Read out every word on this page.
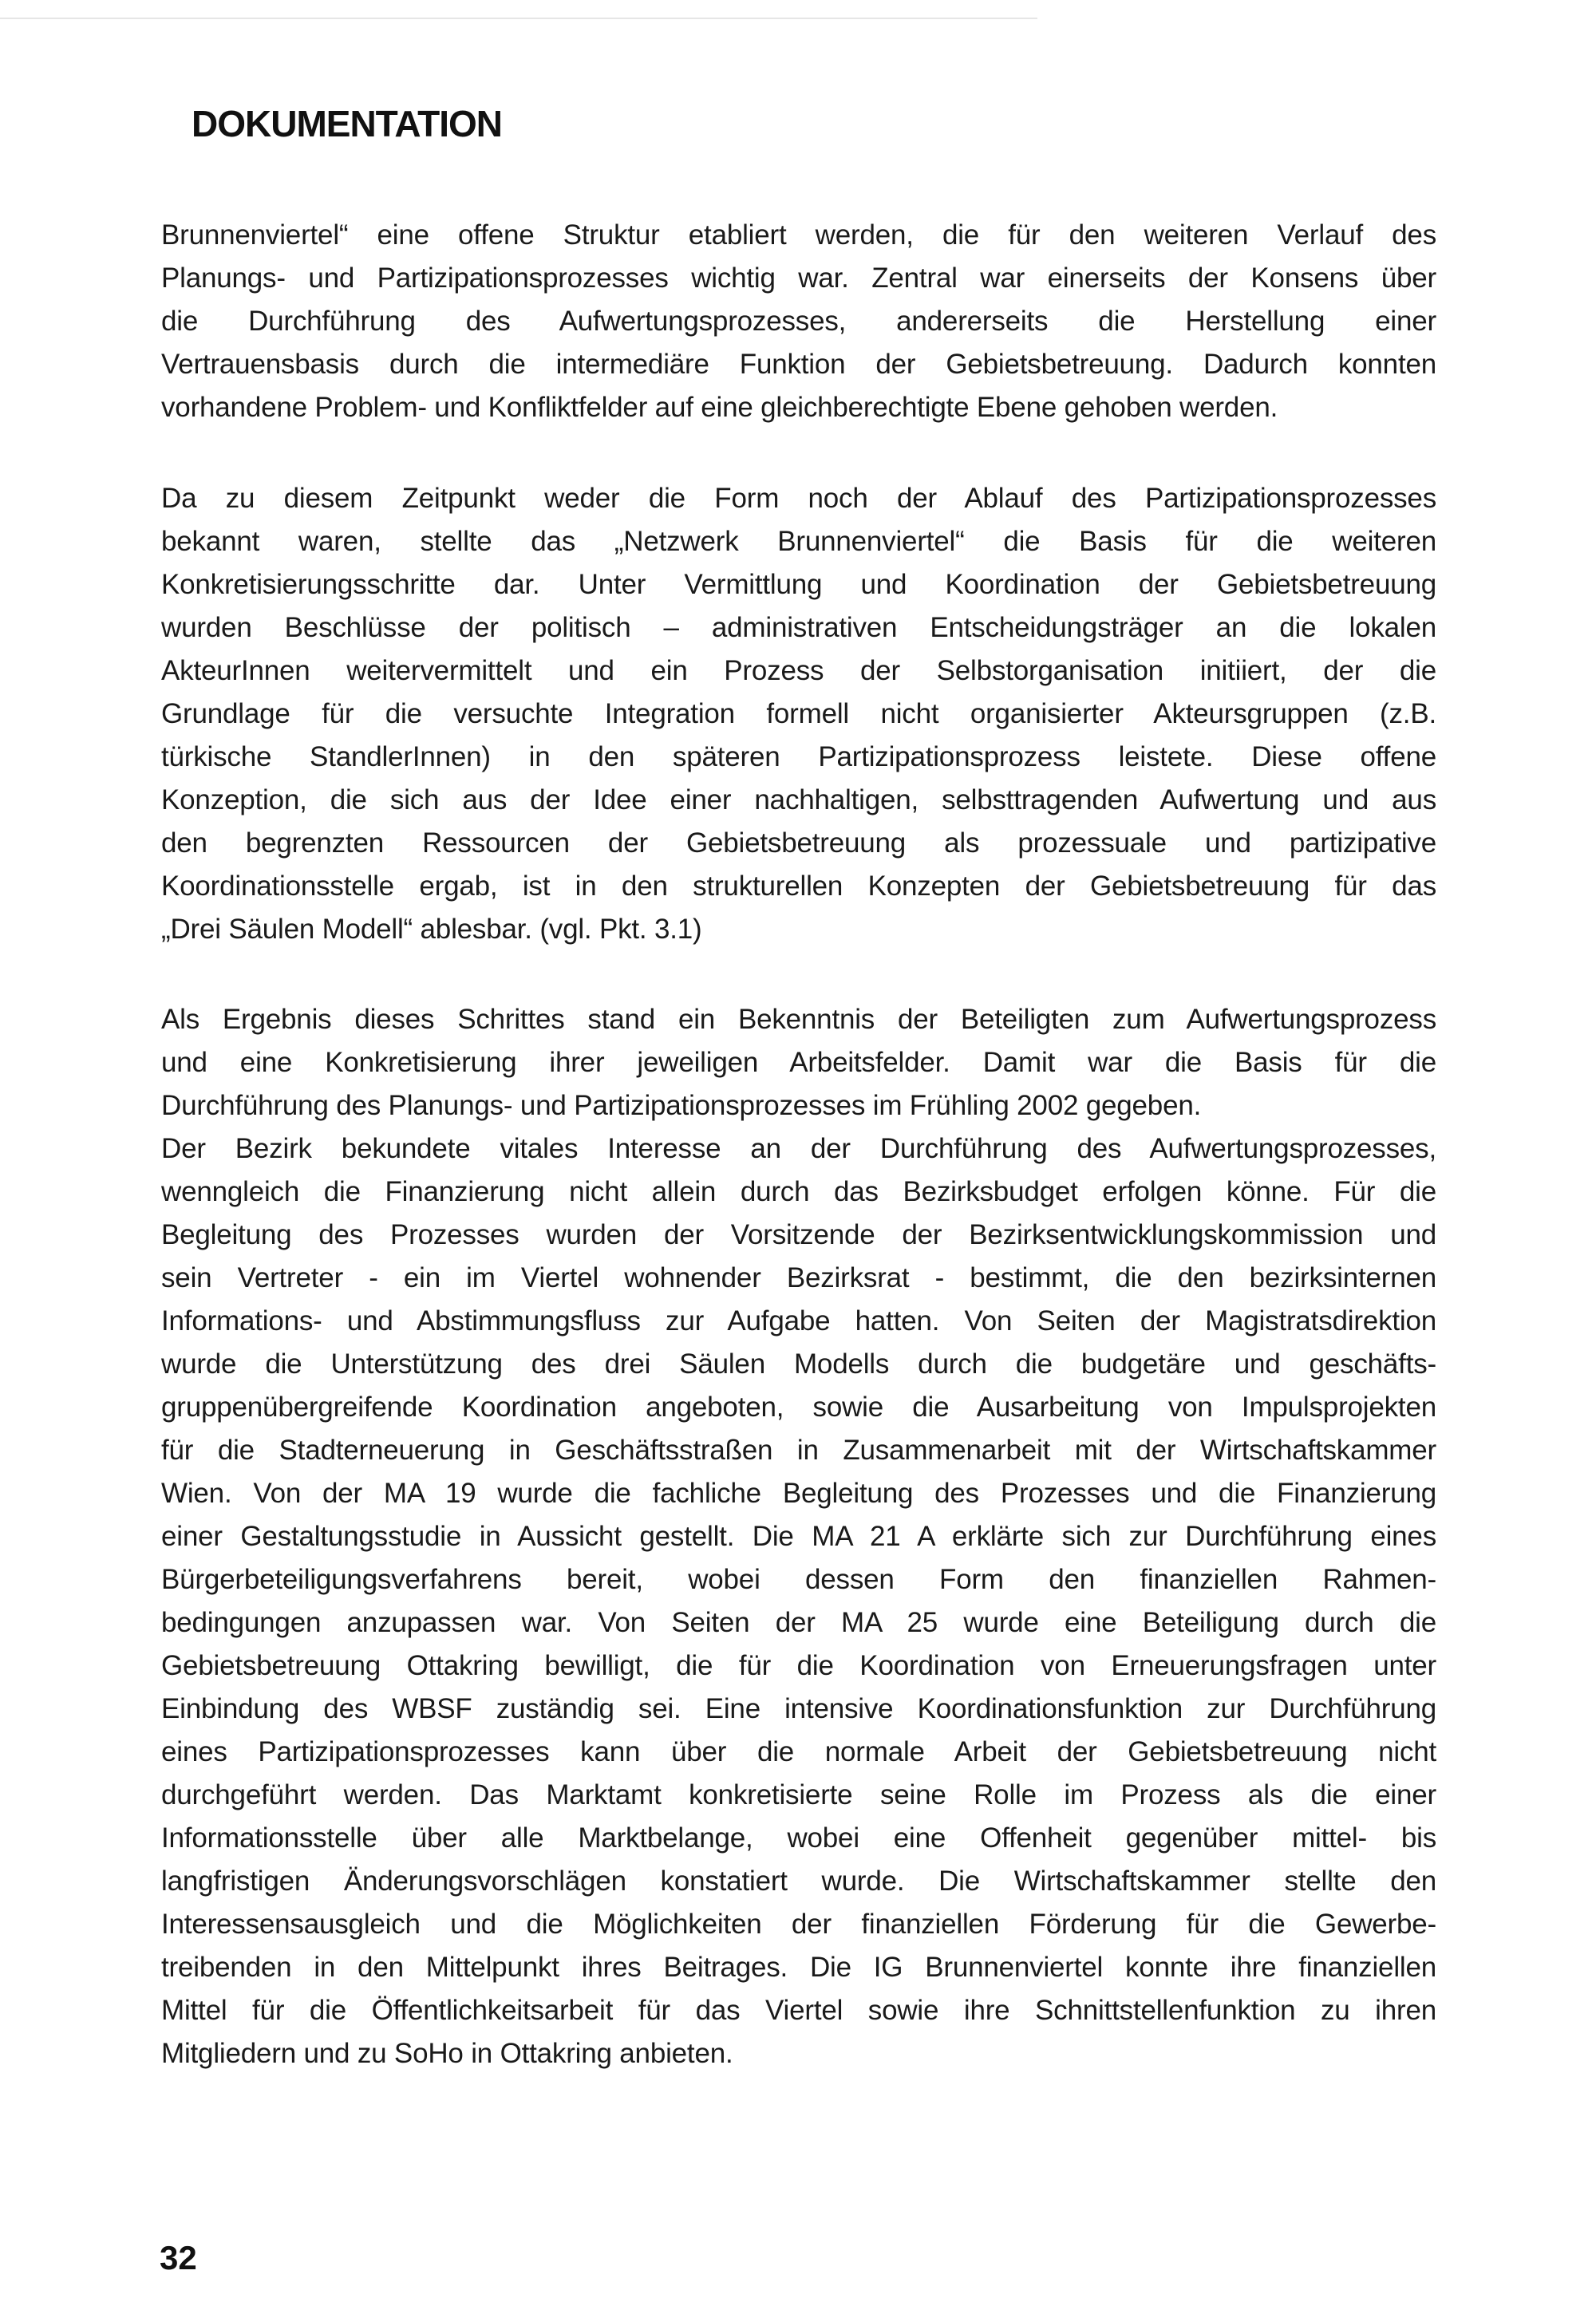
DOKUMENTATION
Brunnenviertel“ eine offene Struktur etabliert werden, die für den weiteren Verlauf des
Planungs- und Partizipationsprozesses wichtig war. Zentral war einerseits der Konsens über
die Durchführung des Aufwertungsprozesses, andererseits die Herstellung einer
Vertrauensbasis durch die intermediäre Funktion der Gebietsbetreuung. Dadurch konnten
vorhandene Problem- und Konfliktfelder auf eine gleichberechtigte Ebene gehoben werden.
Da zu diesem Zeitpunkt weder die Form noch der Ablauf des Partizipationsprozesses
bekannt waren, stellte das „Netzwerk Brunnenviertel“ die Basis für die weiteren
Konkretisierungsschritte dar. Unter Vermittlung und Koordination der Gebietsbetreuung
wurden Beschlüsse der politisch – administrativen Entscheidungsträger an die lokalen
AkteurInnen weitervermittelt und ein Prozess der Selbstorganisation initiiert, der die
Grundlage für die versuchte Integration formell nicht organisierter Akteursgruppen (z.B.
türkische StandlerInnen) in den späteren Partizipationsprozess leistete. Diese offene
Konzeption, die sich aus der Idee einer nachhaltigen, selbsttragenden Aufwertung und aus
den begrenzten Ressourcen der Gebietsbetreuung als prozessuale und partizipative
Koordinationsstelle ergab, ist in den strukturellen Konzepten der Gebietsbetreuung für das
„Drei Säulen Modell“ ablesbar. (vgl. Pkt. 3.1)
Als Ergebnis dieses Schrittes stand ein Bekenntnis der Beteiligten zum Aufwertungsprozess
und eine Konkretisierung ihrer jeweiligen Arbeitsfelder. Damit war die Basis für die
Durchführung des Planungs- und Partizipationsprozesses im Frühling 2002 gegeben.
Der Bezirk bekundete vitales Interesse an der Durchführung des Aufwertungsprozesses,
wenngleich die Finanzierung nicht allein durch das Bezirksbudget erfolgen könne. Für die
Begleitung des Prozesses wurden der Vorsitzende der Bezirksentwicklungskommission und
sein Vertreter - ein im Viertel wohnender Bezirksrat - bestimmt, die den bezirksinternen
Informations- und Abstimmungsfluss zur Aufgabe hatten. Von Seiten der Magistratsdirektion
wurde die Unterstützung des drei Säulen Modells durch die budgetäre und geschäfts-
gruppenübergreifende Koordination angeboten, sowie die Ausarbeitung von Impulsprojekten
für die Stadterneuerung in Geschäftsstraßen in Zusammenarbeit mit der Wirtschaftskammer
Wien. Von der MA 19 wurde die fachliche Begleitung des Prozesses und die Finanzierung
einer Gestaltungsstudie in Aussicht gestellt. Die MA 21 A erklärte sich zur Durchführung eines
Bürgerbeteiligungsverfahrens bereit, wobei dessen Form den finanziellen Rahmen-
bedingungen anzupassen war. Von Seiten der MA 25 wurde eine Beteiligung durch die
Gebietsbetreuung Ottakring bewilligt, die für die Koordination von Erneuerungsfragen unter
Einbindung des WBSF zuständig sei. Eine intensive Koordinationsfunktion zur Durchführung
eines Partizipationsprozesses kann über die normale Arbeit der Gebietsbetreuung nicht
durchgeführt werden. Das Marktamt konkretisierte seine Rolle im Prozess als die einer
Informationsstelle über alle Marktbelange, wobei eine Offenheit gegenüber mittel- bis
langfristigen Änderungsvorschlägen konstatiert wurde. Die Wirtschaftskammer stellte den
Interessensausgleich und die Möglichkeiten der finanziellen Förderung für die Gewerbe-
treibenden in den Mittelpunkt ihres Beitrages. Die IG Brunnenviertel konnte ihre finanziellen
Mittel für die Öffentlichkeitsarbeit für das Viertel sowie ihre Schnittstellenfunktion zu ihren
Mitgliedern und zu SoHo in Ottakring anbieten.
32
